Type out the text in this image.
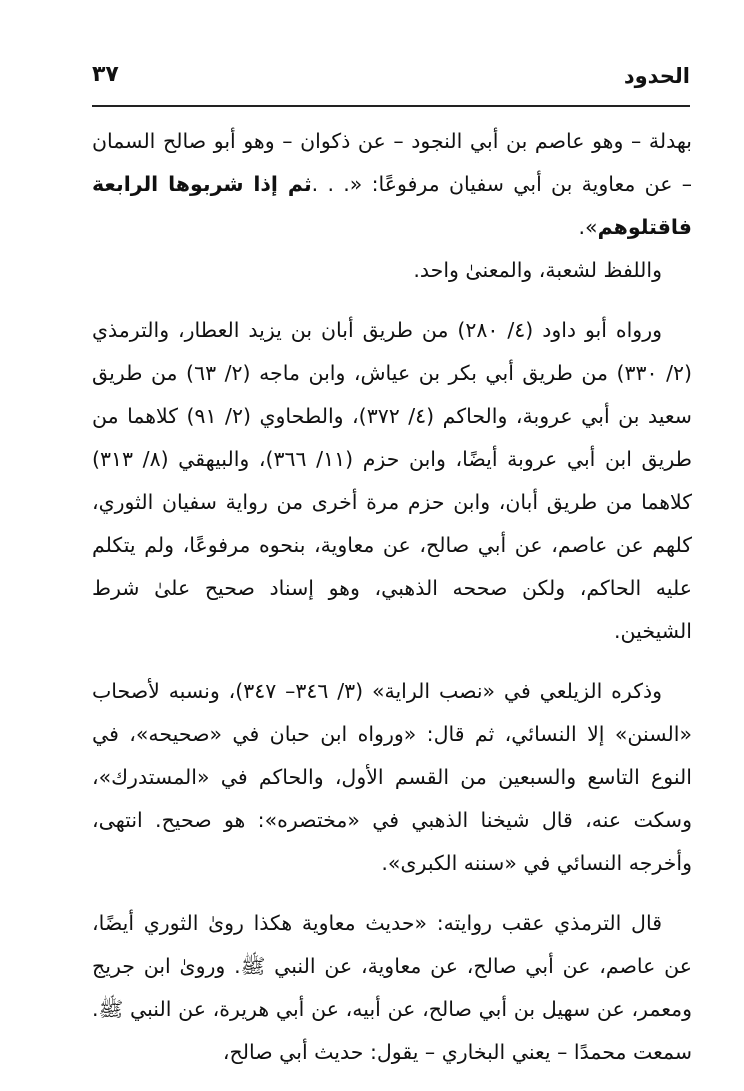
الحدود
٣٧

بهدلة – وهو عاصم بن أبي النجود – عن ذكوان – وهو أبو صالح السمان – عن معاوية بن أبي سفيان مرفوعًا: «. . .ثم إذا شربوها الرابعة فاقتلوهم».

واللفظ لشعبة، والمعنىٰ واحد.

ورواه أبو داود (٤/ ٢٨٠) من طريق أبان بن يزيد العطار، والترمذي (٢/ ٣٣٠) من طريق أبي بكر بن عياش، وابن ماجه (٢/ ٦٣) من طريق سعيد بن أبي عروبة، والحاكم (٤/ ٣٧٢)، والطحاوي (٢/ ٩١) كلاهما من طريق ابن أبي عروبة أيضًا، وابن حزم (١١/ ٣٦٦)، والبيهقي (٨/ ٣١٣) كلاهما من طريق أبان، وابن حزم مرة أخرى من رواية سفيان الثوري، كلهم عن عاصم، عن أبي صالح، عن معاوية، بنحوه مرفوعًا، ولم يتكلم عليه الحاكم، ولكن صححه الذهبي، وهو إسناد صحيح علىٰ شرط الشيخين.

وذكره الزيلعي في «نصب الراية» (٣/ ٣٤٦– ٣٤٧)، ونسبه لأصحاب «السنن» إلا النسائي، ثم قال: «ورواه ابن حبان في «صحيحه»، في النوع التاسع والسبعين من القسم الأول، والحاكم في «المستدرك»، وسكت عنه، قال شيخنا الذهبي في «مختصره»: هو صحيح. انتهى، وأخرجه النسائي في «سننه الكبرى».

قال الترمذي عقب روايته: «حديث معاوية هكذا روىٰ الثوري أيضًا، عن عاصم، عن أبي صالح، عن معاوية، عن النبي ﷺ. وروىٰ ابن جريج ومعمر، عن سهيل بن أبي صالح، عن أبيه، عن أبي هريرة، عن النبي ﷺ. سمعت محمدًا – يعني البخاري – يقول: حديث أبي صالح،
